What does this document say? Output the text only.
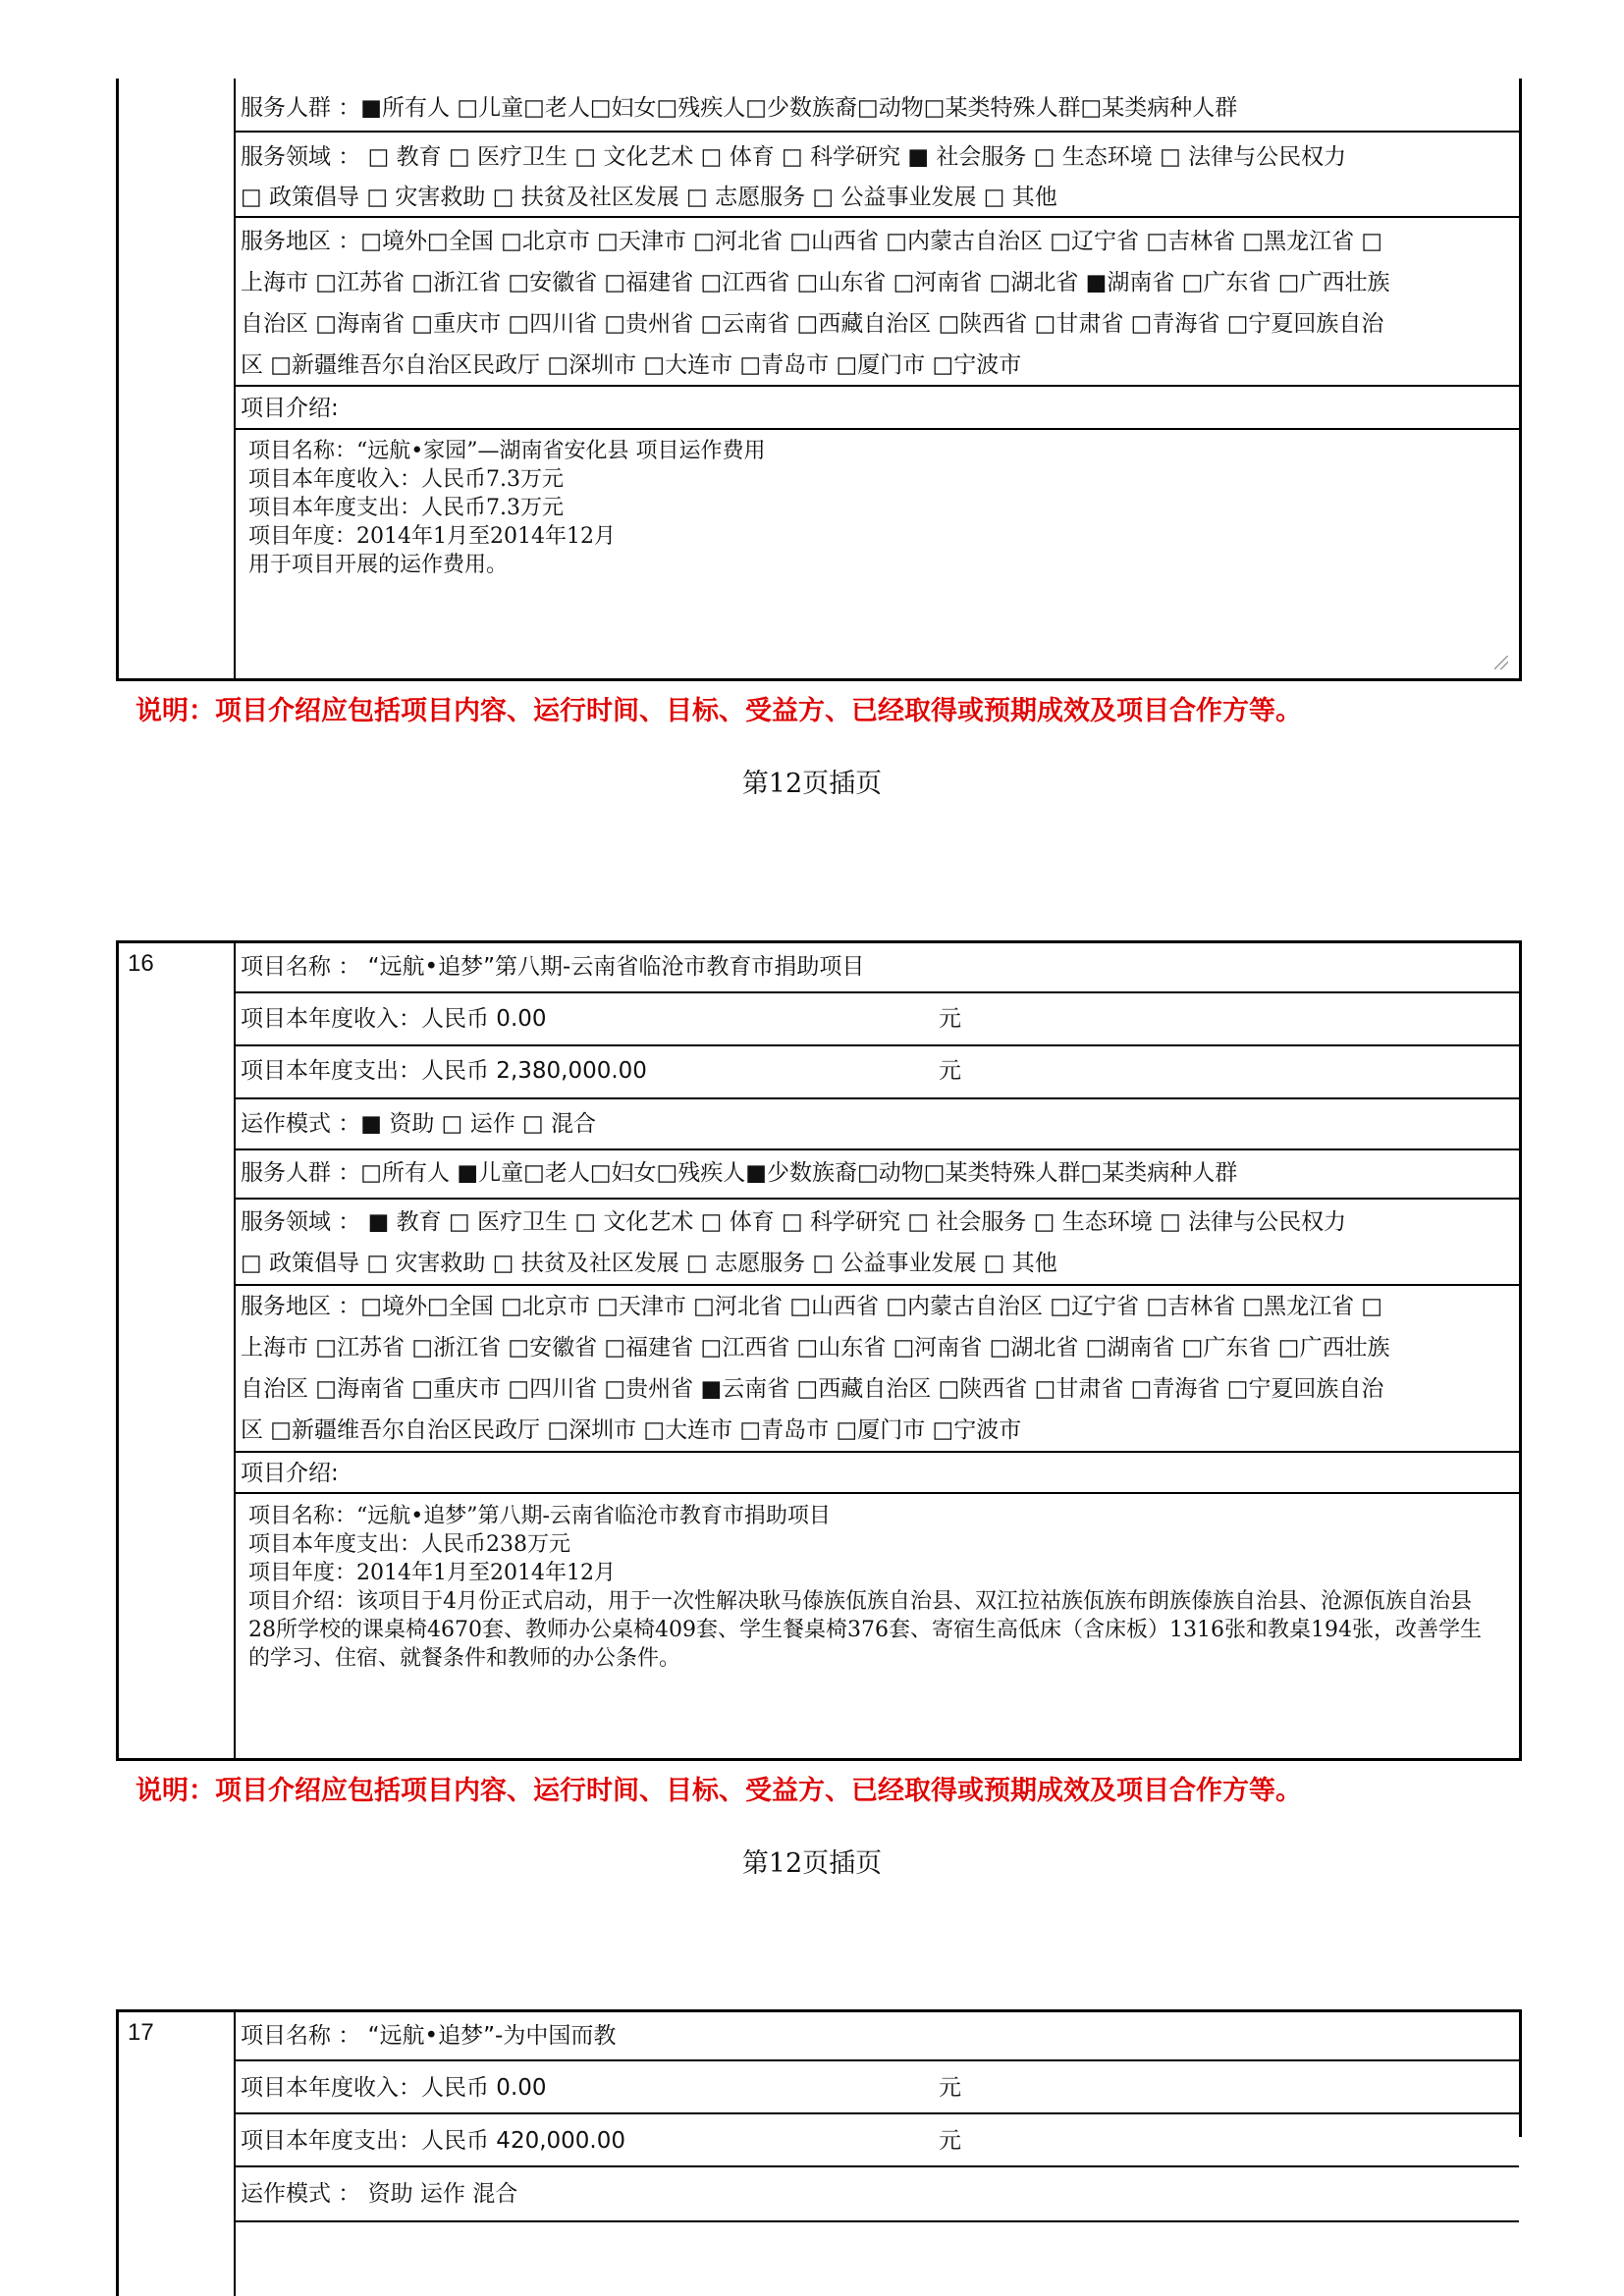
服务人群 ：■所有人 □儿童□老人□妇女□残疾人□少数族裔□动物□某类特殊人群□某类病种人群
服务领域 ： □ 教育 □ 医疗卫生 □ 文化艺术 □ 体育 □ 科学研究 ■ 社会服务 □ 生态环境 □ 法律与公民权力
□ 政策倡导 □ 灾害救助 □ 扶贫及社区发展 □ 志愿服务 □ 公益事业发展 □ 其他
服务地区 ：□境外□全国 □北京市 □天津市 □河北省 □山西省 □内蒙古自治区 □辽宁省 □吉林省 □黑龙江省 □
上海市 □江苏省 □浙江省 □安徽省 □福建省 □江西省 □山东省 □河南省 □湖北省 ■湖南省 □广东省 □广西壮族
自治区 □海南省 □重庆市 □四川省 □贵州省 □云南省 □西藏自治区 □陕西省 □甘肃省 □青海省 □宁夏回族自治
区 □新疆维吾尔自治区民政厅 □深圳市 □大连市 □青岛市 □厦门市 □宁波市
项目介绍:
项目名称：“远航•家园”—湖南省安化县 项目运作费用
项目本年度收入：人民币7.3万元
项目本年度支出：人民币7.3万元
项目年度：2014年1月至2014年12月
用于项目开展的运作费用。
说明：项目介绍应包括项目内容、运行时间、目标、受益方、已经取得或预期成效及项目合作方等。
第12页插页
16	项目名称 ： “远航•追梦”第八期-云南省临沧市教育市捐助项目
项目本年度收入：人民币 0.00	元
项目本年度支出：人民币 2,380,000.00	元
运作模式 ：■ 资助 □ 运作 □ 混合
服务人群 ：□所有人 ■儿童□老人□妇女□残疾人■少数族裔□动物□某类特殊人群□某类病种人群
服务领域 ： ■ 教育 □ 医疗卫生 □ 文化艺术 □ 体育 □ 科学研究 □ 社会服务 □ 生态环境 □ 法律与公民权力
□ 政策倡导 □ 灾害救助 □ 扶贫及社区发展 □ 志愿服务 □ 公益事业发展 □ 其他
服务地区 ：□境外□全国 □北京市 □天津市 □河北省 □山西省 □内蒙古自治区 □辽宁省 □吉林省 □黑龙江省 □
上海市 □江苏省 □浙江省 □安徽省 □福建省 □江西省 □山东省 □河南省 □湖北省 □湖南省 □广东省 □广西壮族
自治区 □海南省 □重庆市 □四川省 □贵州省 ■云南省 □西藏自治区 □陕西省 □甘肃省 □青海省 □宁夏回族自治
区 □新疆维吾尔自治区民政厅 □深圳市 □大连市 □青岛市 □厦门市 □宁波市
项目介绍:
项目名称：“远航•追梦”第八期-云南省临沧市教育市捐助项目
项目本年度支出：人民币238万元
项目年度：2014年1月至2014年12月
项目介绍：该项目于4月份正式启动，用于一次性解决耿马傣族佤族自治县、双江拉祜族佤族布朗族傣族自治县、沧源佤族自治县28所学校的课桌椅4670套、教师办公桌椅409套、学生餐桌椅376套、寄宿生高低床（含床板）1316张和教桌194张，改善学生的学习、住宿、就餐条件和教师的办公条件。
说明：项目介绍应包括项目内容、运行时间、目标、受益方、已经取得或预期成效及项目合作方等。
第12页插页
17	项目名称 ： “远航•追梦”-为中国而教
项目本年度收入：人民币 0.00	元
项目本年度支出：人民币 420,000.00	元
运作模式 ： 资助 运作 混合
